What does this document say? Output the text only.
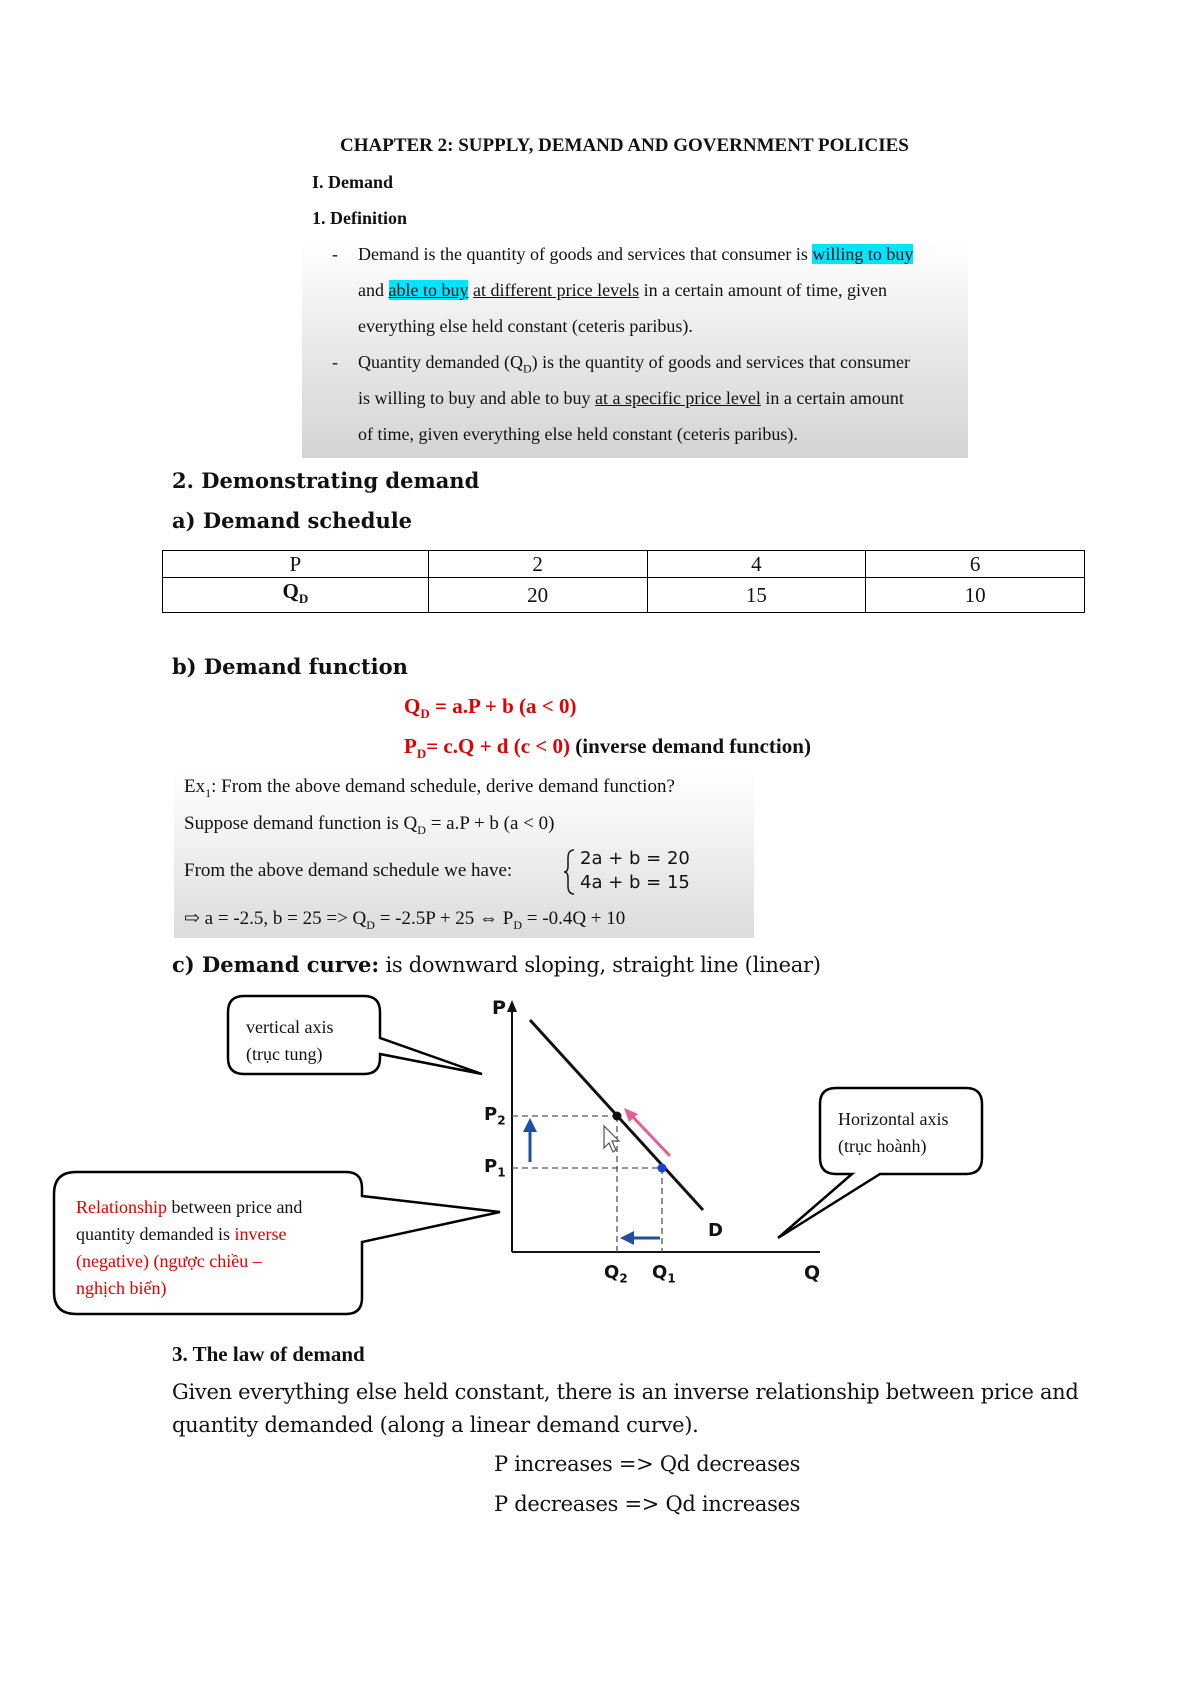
CHAPTER 2: SUPPLY, DEMAND AND GOVERNMENT POLICIES
I. Demand
1. Definition
- Demand is the quantity of goods and services that consumer is willing to buy
and able to buy at different price levels in a certain amount of time, given
everything else held constant (ceteris paribus).
- Quantity demanded $(Q_D)$ is the quantity of goods and services that consumer
is willing to buy and able to buy at a specific price level in a certain amount
of time, given everything else held constant (ceteris paribus).
2. Demonstrating demand
a) Demand schedule
P	2	4	6
$Q_D$	20	15	10
b) Demand function
$Q_D = a.P + b$ (a < 0)
$P_D= c.Q + d$ (c < 0) (inverse demand function)
$Ex_1$: From the above demand schedule, derive demand function?
Suppose demand function is $Q_D = a.P + b$ (a < 0)
From the above demand schedule we have:
2a + b = 20
4a + b = 15
⇨ a = -2.5, $b = 25 => Q_D = -2.5P + 25$ ⇔ $P_D = -0.4Q + 10$
c) Demand curve: is downward sloping, straight line (linear)
P
Q
$P_2$
$P_1$
$Q_2$ $Q_1$
D
vertical axis
(trục tung)
Horizontal axis
(trục hoành)
Relationship between price and
quantity demanded is inverse
(negative) (ngược chiều –
nghịch biến)
3. The law of demand
Given everything else held constant, there is an inverse relationship between price and
quantity demanded (along a linear demand curve).
P increases => Qd decreases
P decreases => Qd increases
